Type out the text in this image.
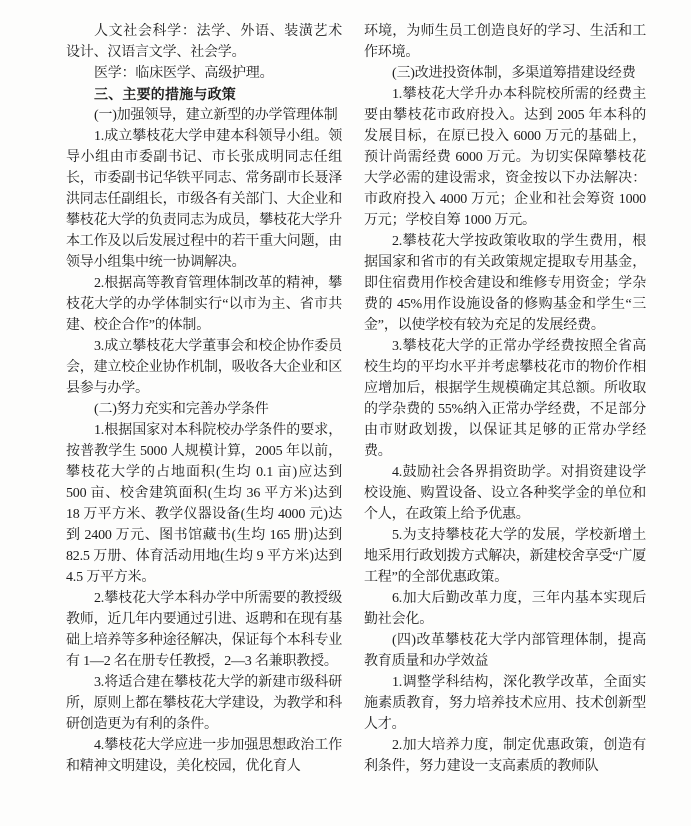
人文社会科学：法学、外语、装潢艺术设计、汉语言文学、社会学。

医学：临床医学、高级护理。

三、主要的措施与政策

(一)加强领导，建立新型的办学管理体制

1.成立攀枝花大学申建本科领导小组。领导小组由市委副书记、市长张成明同志任组长，市委副书记华铁平同志、常务副市长聂泽洪同志任副组长，市级各有关部门、大企业和攀枝花大学的负责同志为成员，攀枝花大学升本工作及以后发展过程中的若干重大问题，由领导小组集中统一协调解决。

2.根据高等教育管理体制改革的精神，攀枝花大学的办学体制实行“以市为主、省市共建、校企合作”的体制。

3.成立攀枝花大学董事会和校企协作委员会，建立校企业协作机制，吸收各大企业和区县参与办学。

(二)努力充实和完善办学条件

1.根据国家对本科院校办学条件的要求，按普教学生 5000 人规模计算，2005 年以前，攀枝花大学的占地面积(生均 0.1 亩)应达到 500 亩、校舍建筑面积(生均 36 平方米)达到 18 万平方米、教学仪器设备(生均 4000 元)达到 2400 万元、图书馆藏书(生均 165 册)达到 82.5 万册、体育活动用地(生均 9 平方米)达到 4.5 万平方米。

2.攀枝花大学本科办学中所需要的教授级教师，近几年内要通过引进、返聘和在现有基础上培养等多种途径解决，保证每个本科专业有 1—2 名在册专任教授，2—3 名兼职教授。

3.将适合建在攀枝花大学的新建市级科研所，原则上都在攀枝花大学建设，为教学和科研创造更为有利的条件。

4.攀枝花大学应进一步加强思想政治工作和精神文明建设，美化校园，优化育人

环境，为师生员工创造良好的学习、生活和工作环境。

(三)改进投资体制，多渠道筹措建设经费

1.攀枝花大学升办本科院校所需的经费主要由攀枝花市政府投入。达到 2005 年本科的发展目标，在原已投入 6000 万元的基础上，预计尚需经费 6000 万元。为切实保障攀枝花大学必需的建设需求，资金按以下办法解决：市政府投入 4000 万元；企业和社会筹资 1000 万元；学校自筹 1000 万元。

2.攀枝花大学按政策收取的学生费用，根据国家和省市的有关政策规定提取专用基金，即住宿费用作校舍建设和维修专用资金；学杂费的 45%用作设施设备的修购基金和学生“三金”，以使学校有较为充足的发展经费。

3.攀枝花大学的正常办学经费按照全省高校生均的平均水平并考虑攀枝花市的物价作相应增加后，根据学生规模确定其总额。所收取的学杂费的 55%纳入正常办学经费，不足部分由市财政划拨，以保证其足够的正常办学经费。

4.鼓励社会各界捐资助学。对捐资建设学校设施、购置设备、设立各种奖学金的单位和个人，在政策上给予优惠。

5.为支持攀枝花大学的发展，学校新增土地采用行政划拨方式解决，新建校舍享受“广厦工程”的全部优惠政策。

6.加大后勤改革力度，三年内基本实现后勤社会化。

(四)改革攀枝花大学内部管理体制，提高教育质量和办学效益

1.调整学科结构，深化教学改革，全面实施素质教育，努力培养技术应用、技术创新型人才。

2.加大培养力度，制定优惠政策，创造有利条件，努力建设一支高素质的教师队
